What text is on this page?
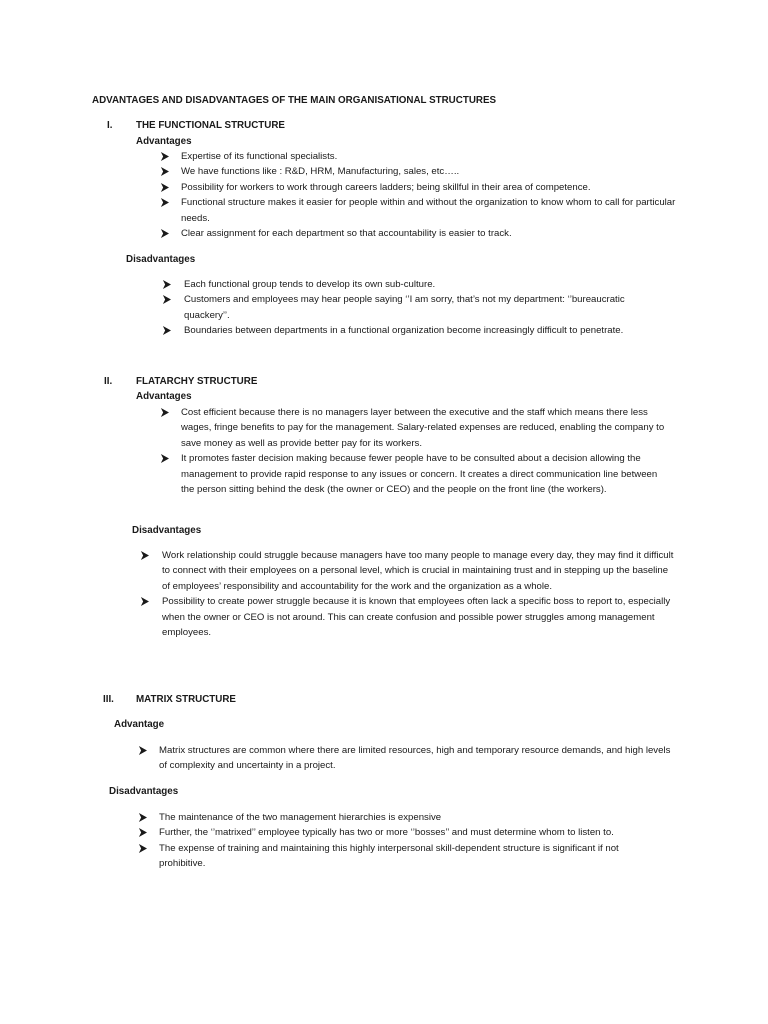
ADVANTAGES AND DISADVANTAGES OF THE MAIN ORGANISATIONAL STRUCTURES
I. THE FUNCTIONAL STRUCTURE
Advantages
Expertise of its functional specialists.
We have functions like : R&D, HRM, Manufacturing, sales, etc…..
Possibility for workers to work through careers ladders; being skillful in their area of competence.
Functional structure makes it easier for people within and without the organization to know whom to call for particular needs.
Clear assignment for each department so that accountability is easier to track.
Disadvantages
Each functional group tends to develop its own sub-culture.
Customers and employees may hear people saying ‘’I am sorry, that’s not my department: ‘’bureaucratic quackery’’.
Boundaries between departments in a functional organization become increasingly difficult to penetrate.
II. FLATARCHY STRUCTURE
Advantages
Cost efficient because there is no managers layer between the executive and the staff which means there less wages, fringe benefits to pay for the management. Salary-related expenses are reduced, enabling the company to save money as well as provide better pay for its workers.
It promotes faster decision making because fewer people have to be consulted about a decision allowing the management to provide rapid response to any issues or concern. It creates a direct communication line between the person sitting behind the desk (the owner or CEO) and the people on the front line (the workers).
Disadvantages
Work relationship could struggle because managers have too many people to manage every day, they may find it difficult to connect with their employees on a personal level, which is crucial in maintaining trust and in stepping up the baseline of employees’ responsibility and accountability for the work and the organization as a whole.
Possibility to create power struggle because it is known that employees often lack a specific boss to report to, especially when the owner or CEO is not around. This can create confusion and possible power struggles among management employees.
III. MATRIX STRUCTURE
Advantage
Matrix structures are common where there are limited resources, high and temporary resource demands, and high levels of complexity and uncertainty in a project.
Disadvantages
The maintenance of the two management hierarchies is expensive
Further, the ‘’matrixed’’ employee typically has two or more ‘’bosses’’ and must determine whom to listen to.
The expense of training and maintaining this highly interpersonal skill-dependent structure is significant if not prohibitive.
